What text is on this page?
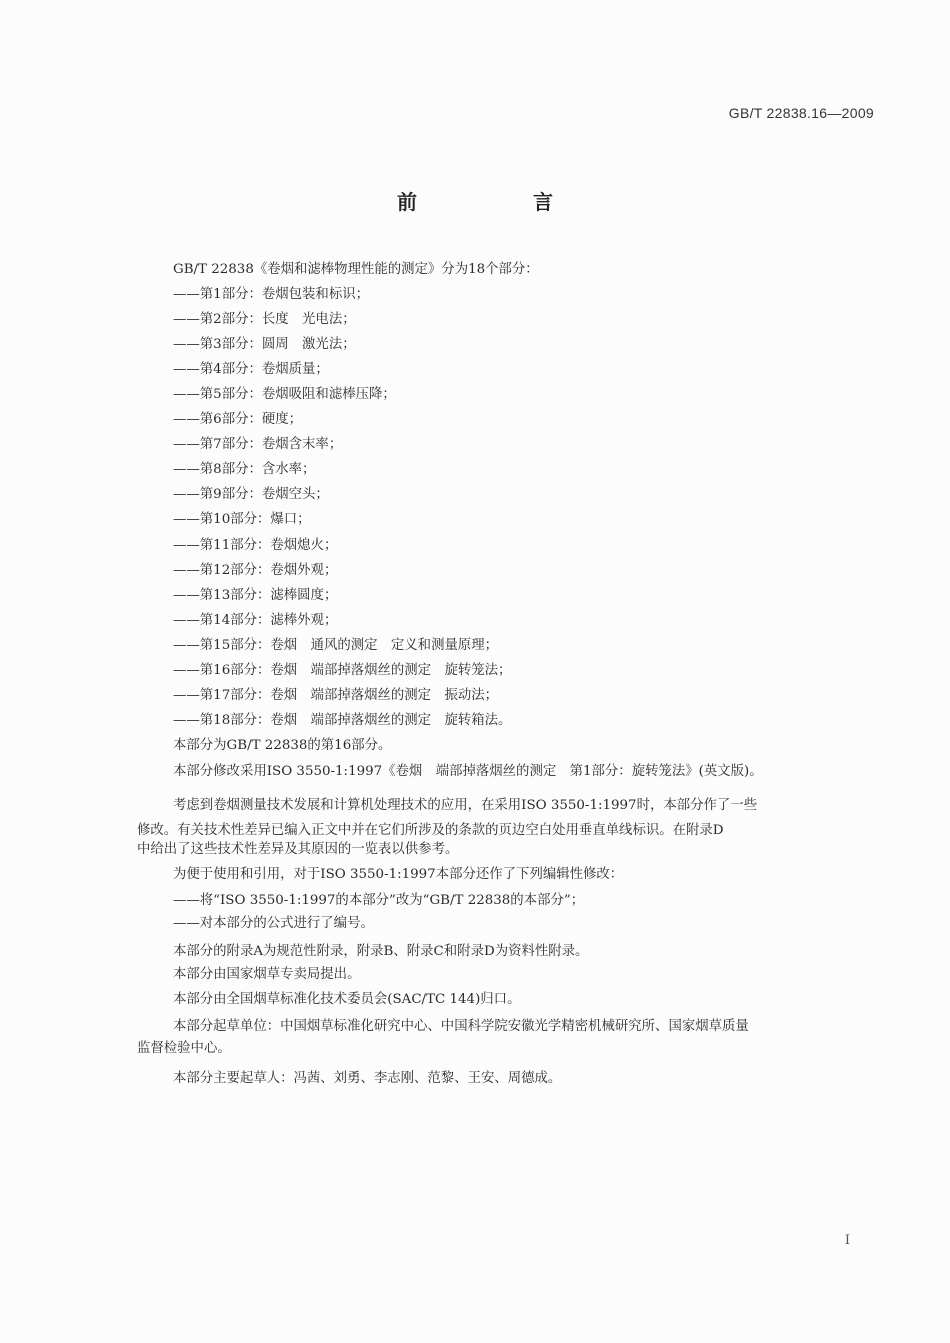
GB/T 22838.16—2009
前　言
GB/T 22838《卷烟和滤棒物理性能的测定》分为18个部分：
——第1部分：卷烟包装和标识；
——第2部分：长度　光电法；
——第3部分：圆周　激光法；
——第4部分：卷烟质量；
——第5部分：卷烟吸阻和滤棒压降；
——第6部分：硬度；
——第7部分：卷烟含末率；
——第8部分：含水率；
——第9部分：卷烟空头；
——第10部分：爆口；
——第11部分：卷烟熄火；
——第12部分：卷烟外观；
——第13部分：滤棒圆度；
——第14部分：滤棒外观；
——第15部分：卷烟　通风的测定　定义和测量原理；
——第16部分：卷烟　端部掉落烟丝的测定　旋转笼法；
——第17部分：卷烟　端部掉落烟丝的测定　振动法；
——第18部分：卷烟　端部掉落烟丝的测定　旋转箱法。
本部分为GB/T 22838的第16部分。
本部分修改采用ISO 3550-1:1997《卷烟　端部掉落烟丝的测定　第1部分：旋转笼法》(英文版)。
考虑到卷烟测量技术发展和计算机处理技术的应用，在采用ISO 3550-1:1997时，本部分作了一些
修改。有关技术性差异已编入正文中并在它们所涉及的条款的页边空白处用垂直单线标识。在附录D
中给出了这些技术性差异及其原因的一览表以供参考。
为便于使用和引用，对于ISO 3550-1:1997本部分还作了下列编辑性修改：
——将“ISO 3550-1:1997的本部分”改为“GB/T 22838的本部分”；
——对本部分的公式进行了编号。
本部分的附录A为规范性附录，附录B、附录C和附录D为资料性附录。
本部分由国家烟草专卖局提出。
本部分由全国烟草标准化技术委员会(SAC/TC 144)归口。
本部分起草单位：中国烟草标准化研究中心、中国科学院安徽光学精密机械研究所、国家烟草质量
监督检验中心。
本部分主要起草人：冯茜、刘勇、李志刚、范黎、王安、周德成。
I
